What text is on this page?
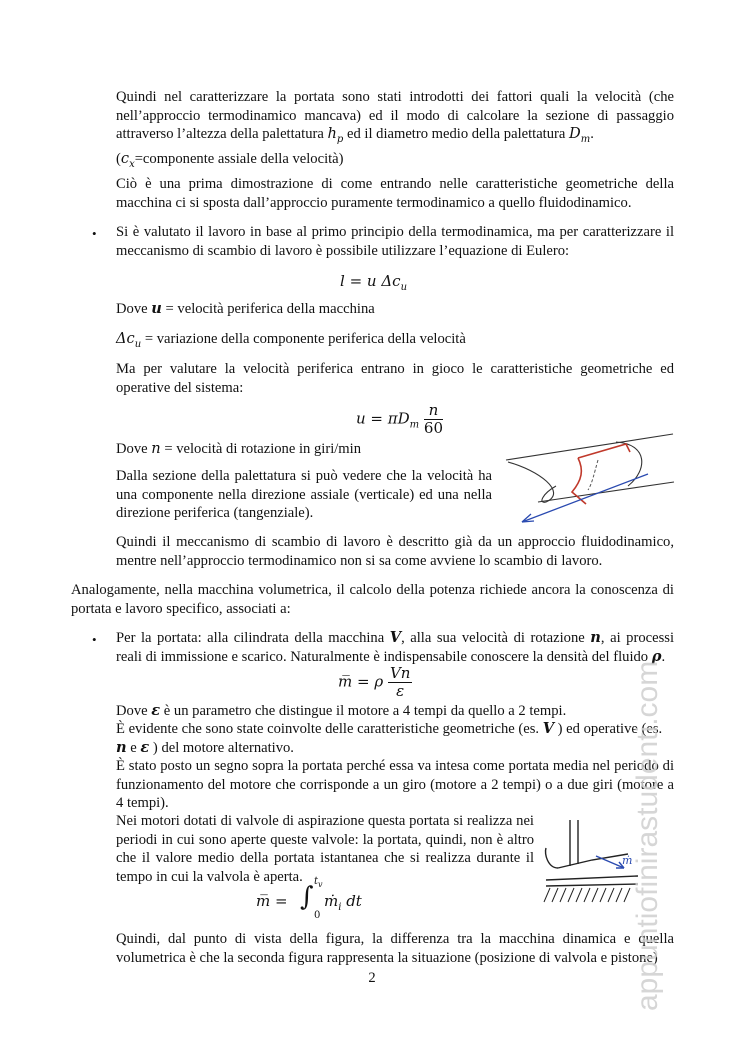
Quindi nel caratterizzare la portata sono stati introdotti dei fattori quali la velocità (che nell’approccio termodinamico mancava) ed il modo di calcolare la sezione di passaggio attraverso l’altezza della palettatura $h_p$ ed il diametro medio della palettatura $D_m$.
($c_x=componente$ assiale della velocità)

Ciò è una prima dimostrazione di come entrando nelle caratteristiche geometriche della macchina ci si sposta dall’approccio puramente termodinamico a quello fluidodinamico.

• Si è valutato il lavoro in base al primo principio della termodinamica, ma per caratterizzare il meccanismo di scambio di lavoro è possibile utilizzare l’equazione di Eulero:

l = u $\Delta c_u$

Dove u = velocità periferica della macchina

$\Delta c_u$ = variazione della componente periferica della velocità

Ma per valutare la velocità periferica entrano in gioco le caratteristiche geometriche ed operative del sistema:

$u = \pi D_m \frac{n}{60}$

Dove n = velocità di rotazione in giri/min

Dalla sezione della palettatura si può vedere che la velocità ha una componente nella direzione assiale (verticale) ed una nella direzione periferica (tangenziale).

Quindi il meccanismo di scambio di lavoro è descritto già da un approccio fluidodinamico, mentre nell’approccio termodinamico non si sa come avviene lo scambio di lavoro.

Analogamente, nella macchina volumetrica, il calcolo della potenza richiede ancora la conoscenza di portata e lavoro specifico, associati a:

• Per la portata: alla cilindrata della macchina V, alla sua velocità di rotazione n, ai processi reali di immissione e scarico. Naturalmente è indispensabile conoscere la densità del fluido ρ.

m̅ = ρ $\frac{Vn}{\varepsilon}$

Dove ε è un parametro che distingue il motore a 4 tempi da quello a 2 tempi.

È evidente che sono state coinvolte delle caratteristiche geometriche (es. V ) ed operative (es.
n e ε ) del motore alternativo.

È stato posto un segno sopra la portata perché essa va intesa come portata media nel periodo di funzionamento del motore che corrisponde a un giro (motore a 2 tempi) o a due giri (motore a 4 tempi).

Nei motori dotati di valvole di aspirazione questa portata si realizza nei periodi in cui sono aperte queste valvole: la portata, quindi, non è altro che il valore medio della portata istantanea che si realizza durante il tempo in cui la valvola è aperta.

ṁ
m̅ = ∫
$t_v$
0
ṁ$_i$ dt

Quindi, dal punto di vista della figura, la differenza tra la macchina dinamica e quella volumetrica è che la seconda figura rappresenta la situazione (posizione di valvola e pistone)

appuntiofinirastudenti.com
2
